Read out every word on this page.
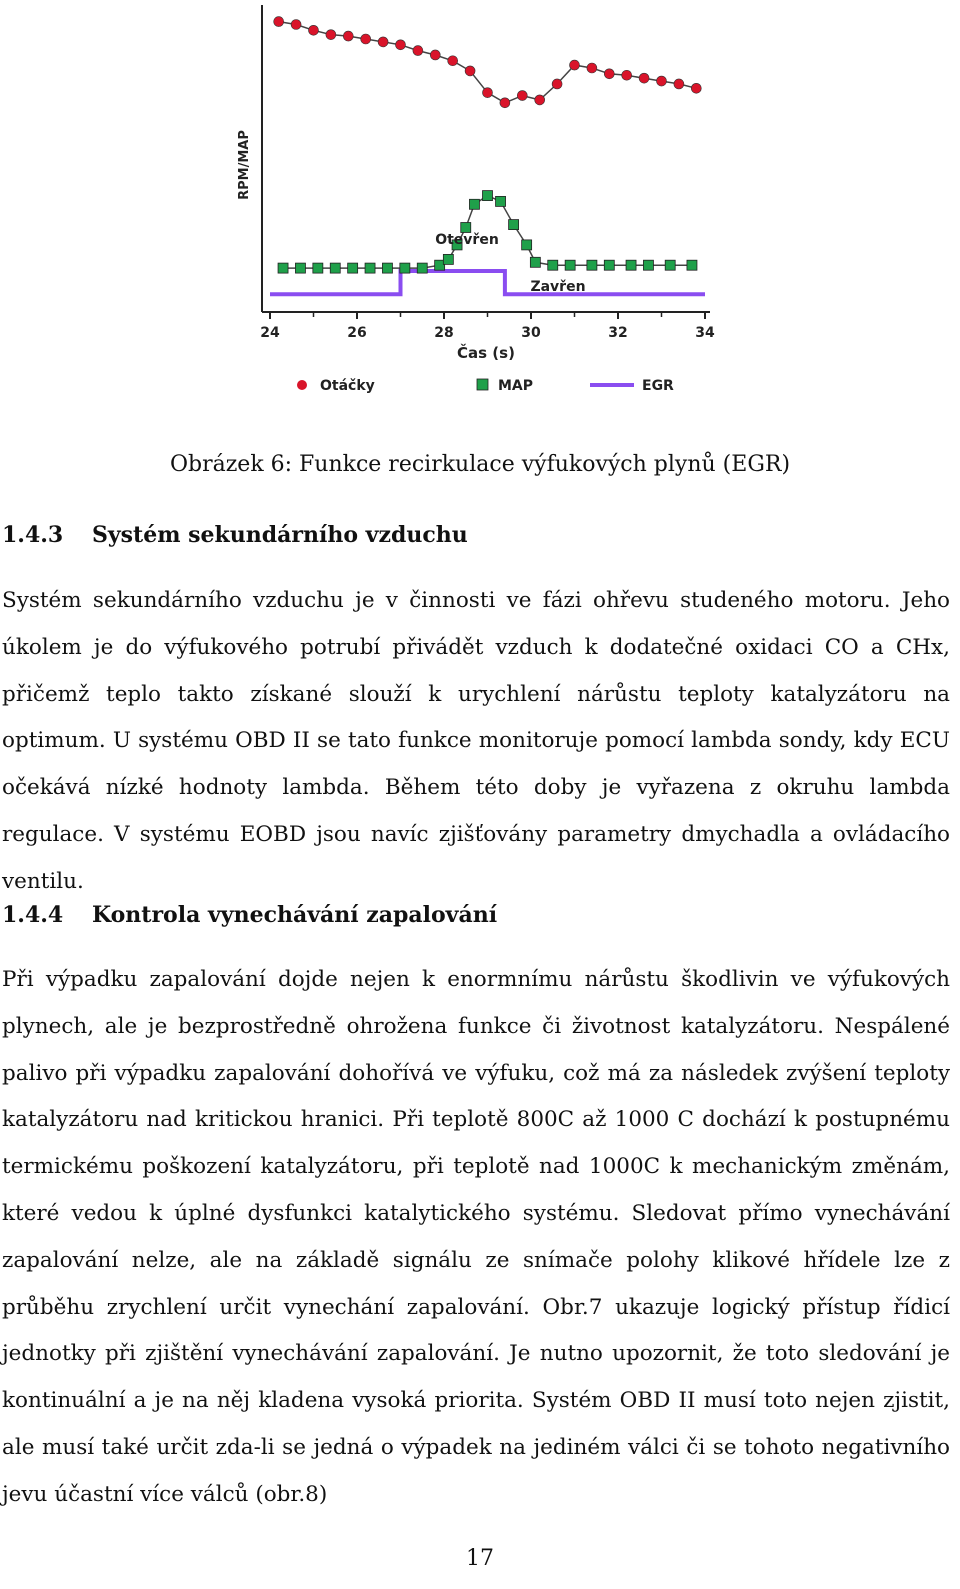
24	26	28	30	32	34
RPM/MAP
Čas (s)
Otevřen
Zavřen
Otáčky	MAP	EGR
Obrázek 6: Funkce recirkulace výfukových plynů (EGR)
1.4.3 Systém sekundárního vzduchu

Systém sekundárního vzduchu je v činnosti ve fázi ohřevu studeného motoru. Jeho úkolem je do výfukového potrubí přivádět vzduch k dodatečné oxidaci CO a CHx, přičemž teplo takto získané slouží k urychlení nárůstu teploty katalyzátoru na optimum. U systému OBD II se tato funkce monitoruje pomocí lambda sondy, kdy ECU očekává nízké hodnoty lambda. Během této doby je vyřazena z okruhu lambda regulace. V systému EOBD jsou navíc zjišťovány parametry dmychadla a ovládacího ventilu.

1.4.4 Kontrola vynechávání zapalování

Při výpadku zapalování dojde nejen k enormnímu nárůstu škodlivin ve výfukových plynech, ale je bezprostředně ohrožena funkce či životnost katalyzátoru. Nespálené palivo při výpadku zapalování dohořívá ve výfuku, což má za následek zvýšení teploty katalyzátoru nad kritickou hranici. Při teplotě 800C až 1000 C dochází k postupnému termickému poškození katalyzátoru, při teplotě nad 1000C k mechanickým změnám, které vedou k úplné dysfunkci katalytického systému. Sledovat přímo vynechávání zapalování nelze, ale na základě signálu ze snímače polohy klikové hřídele lze z průběhu zrychlení určit vynechání zapalování. Obr.7 ukazuje logický přístup řídicí jednotky při zjištění vynechávání zapalování. Je nutno upozornit, že toto sledování je kontinuální a je na něj kladena vysoká priorita. Systém OBD II musí toto nejen zjistit, ale musí také určit zda-li se jedná o výpadek na jediném válci či se tohoto negativního jevu účastní více válců (obr.8)

17
